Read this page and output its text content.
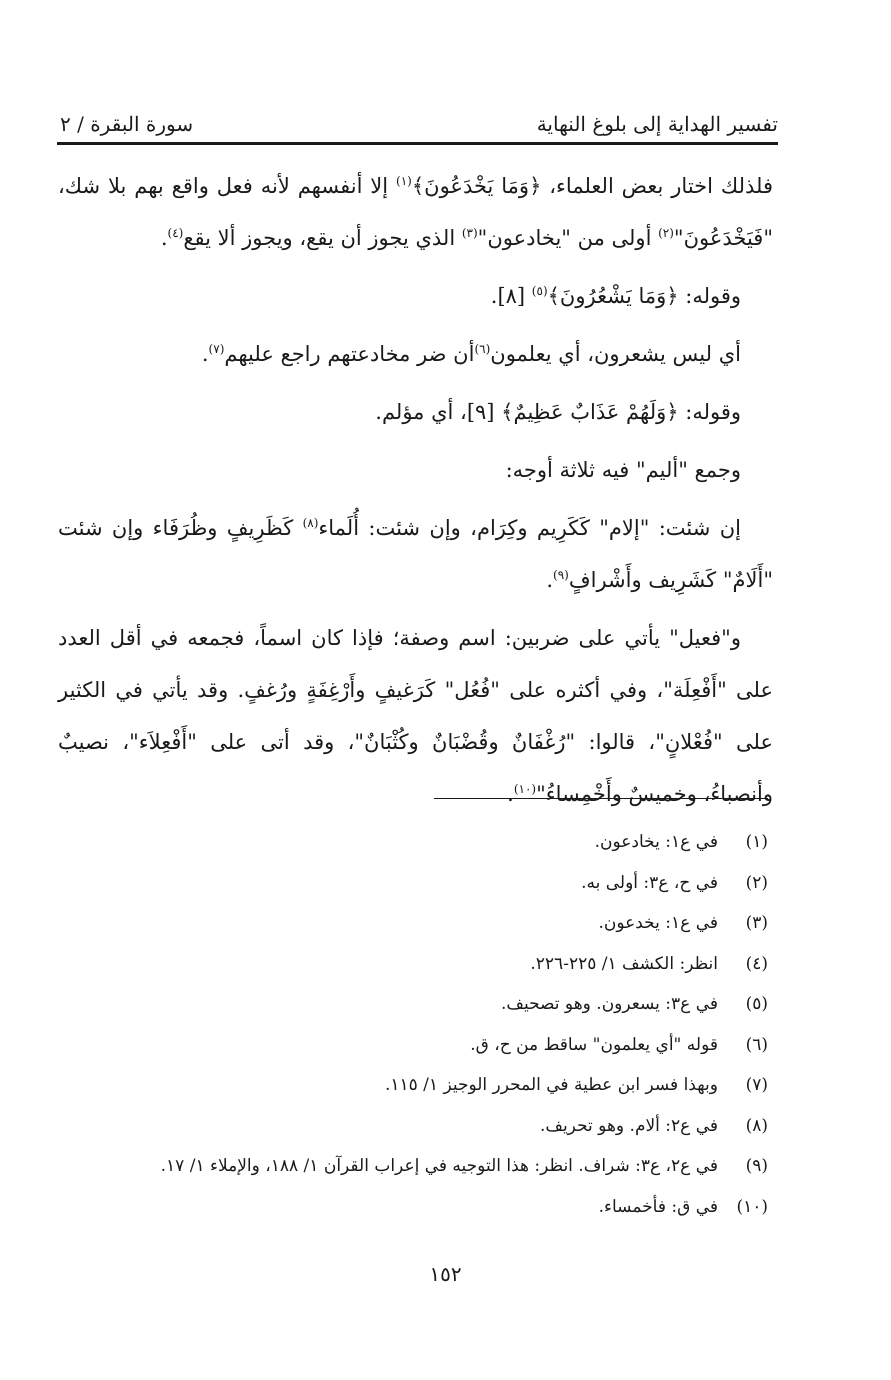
تفسير الهداية إلى بلوغ النهاية
سورة البقرة / ٢

فلذلك اختار بعض العلماء، ﴿وَمَا يَخْدَعُونَ﴾$^{(١)}$ إلا أنفسهم لأنه فعل واقع بهم بلا شك، "فَيَخْدَعُونَ"$^{(٢)}$ أولى من "يخادعون"$^{(٣)}$ الذي يجوز أن يقع، ويجوز ألا يقع$^{(٤)}$.

وقوله: ﴿وَمَا يَشْعُرُونَ﴾$^{(٥)}$ [٨].

أي ليس يشعرون، أي يعلمون$^{(٦)}$أن ضر مخادعتهم راجع عليهم$^{(٧)}$.

وقوله: ﴿وَلَهُمْ عَذَابٌ عَظِيمٌ﴾ [٩]، أي مؤلم.

وجمع "أليم" فيه ثلاثة أوجه:

إن شئت: "إلام" كَكَرِيم وكِرَام، وإن شئت: أُلَماء$^{(٨)}$ كَظَرِيفٍ وظُرَفَاء وإن شئت "أَلَامٌ" كَشَرِيف وأَشْرافٍ$^{(٩)}$.

و"فعيل" يأتي على ضربين: اسم وصفة؛ فإذا كان اسماً، فجمعه في أقل العدد على "أَفْعِلَة"، وفي أكثره على "فُعُل" كَرَغيفٍ وأَرْغِفَةٍ ورُغفٍ. وقد يأتي في الكثير على "فُعْلانٍ"، قالوا: "رُغْفَانٌ وقُضْبَانٌ وكُثْبَانٌ"، وقد أتى على "أَفْعِلاَء"، نصيبٌ وأنصباءُ، وخميسٌ وأَخْمِساءُ"$^{(١٠)}$.

(١)
في ع١: يخادعون.
(٢)
في ح، ع٣: أولى به.
(٣)
في ع١: يخدعون.
(٤)
انظر: الكشف ١/ ٢٢٥-٢٢٦.
(٥)
في ع٣: يسعرون. وهو تصحيف.
(٦)
قوله "أي يعلمون" ساقط من ح، ق.
(٧)
وبهذا فسر ابن عطية في المحرر الوجيز ١/ ١١٥.
(٨)
في ع٢: ألام. وهو تحريف.
(٩)
في ع٢، ع٣: شراف. انظر: هذا التوجيه في إعراب القرآن ١/ ١٨٨، والإملاء ١/ ١٧.
(١٠)
في ق: فأخمساء.
١٥٢
